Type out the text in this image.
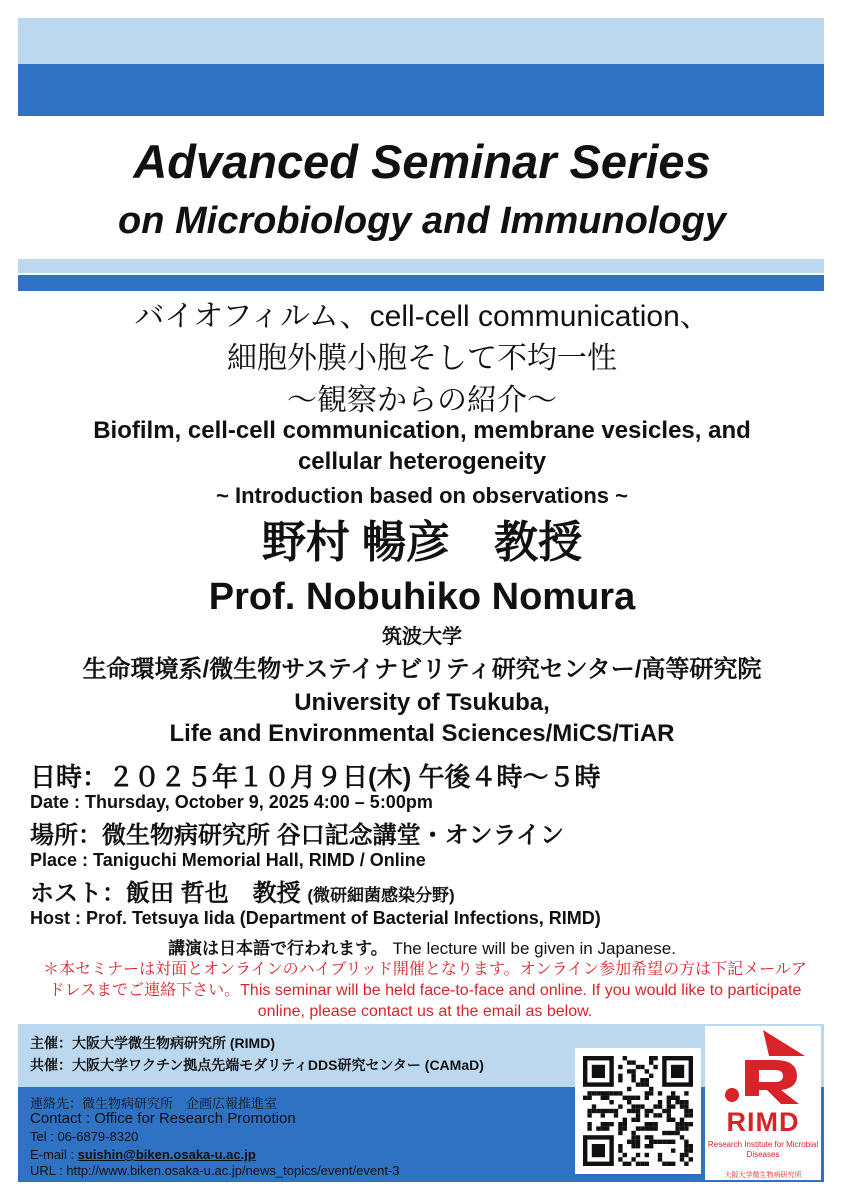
Advanced Seminar Series
on Microbiology and Immunology
バイオフィルム、cell-cell communication、
細胞外膜小胞そして不均一性
〜観察からの紹介〜
Biofilm, cell-cell communication, membrane vesicles, and
cellular heterogeneity
~ Introduction based on observations ~
野村 暢彦　教授
Prof. Nobuhiko Nomura
筑波大学
生命環境系/微生物サステイナビリティ研究センター/高等研究院
University of Tsukuba,
Life and Environmental Sciences/MiCS/TiAR
日時：２０２５年１０月９日(木) 午後４時〜５時
Date : Thursday, October 9, 2025 4:00 – 5:00pm
場所：微生物病研究所 谷口記念講堂・オンライン
Place : Taniguchi Memorial Hall, RIMD / Online
ホスト：飯田 哲也　教授 (微研細菌感染分野)
Host : Prof. Tetsuya Iida (Department of Bacterial Infections, RIMD)
講演は日本語で行われます。 The lecture will be given in Japanese.
＊本セミナーは対面とオンラインのハイブリッド開催となります。オンライン参加希望の方は下記メールアドレスまでご連絡下さい。This seminar will be held face-to-face and online. If you would like to participate online, please contact us at the email as below.
主催：大阪大学微生物病研究所 (RIMD)
共催：大阪大学ワクチン拠点先端モダリティDDS研究センター (CAMaD)
連絡先：微生物病研究所　企画広報推進室
Contact : Office for Research Promotion
Tel : 06-6879-8320
E-mail : suishin@biken.osaka-u.ac.jp
URL : http://www.biken.osaka-u.ac.jp/news_topics/event/event-3
RIMD
Research Institute for Microbial Diseases
大阪大学微生物病研究所
